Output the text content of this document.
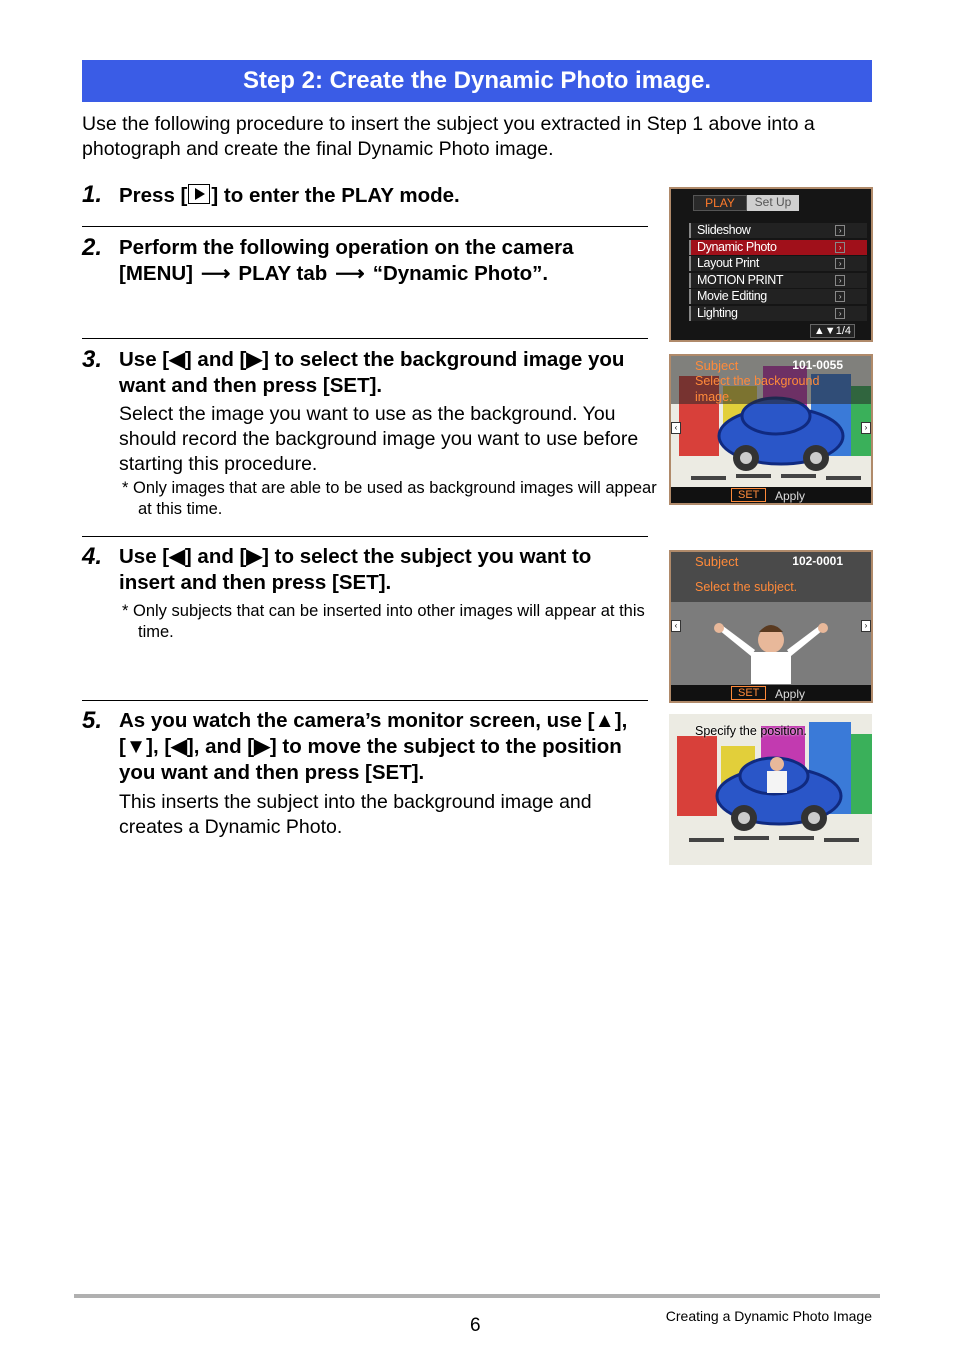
Step 2: Create the Dynamic Photo image.
Use the following procedure to insert the subject you extracted in Step 1 above into a photograph and create the final Dynamic Photo image.
1. Press [ ] to enter the PLAY mode.
2. Perform the following operation on the camera
[MENU] ⟶ PLAY tab ⟶ “Dynamic Photo”.
3. Use [◀] and [▶] to select the background image you want and then press [SET].
Select the image you want to use as the background. You should record the background image you want to use before starting this procedure.
* Only images that are able to be used as background images will appear at this time.
4. Use [◀] and [▶] to select the subject you want to insert and then press [SET].
* Only subjects that can be inserted into other images will appear at this time.
5. As you watch the camera’s monitor screen, use [▲], [▼], [◀], and [▶] to move the subject to the position you want and then press [SET].
This inserts the subject into the background image and creates a Dynamic Photo.
PLAY	Set Up
Slideshow	›
Dynamic Photo	›
Layout Print	›
MOTION PRINT	›
Movie Editing	›
Lighting	›
▲▼1/4
Subject	101-0055
Select the background image.
‹	›
SET	Apply
Subject	102-0001
Select the subject.
‹	›
SET	Apply
Specify the position.
6	Creating a Dynamic Photo Image
